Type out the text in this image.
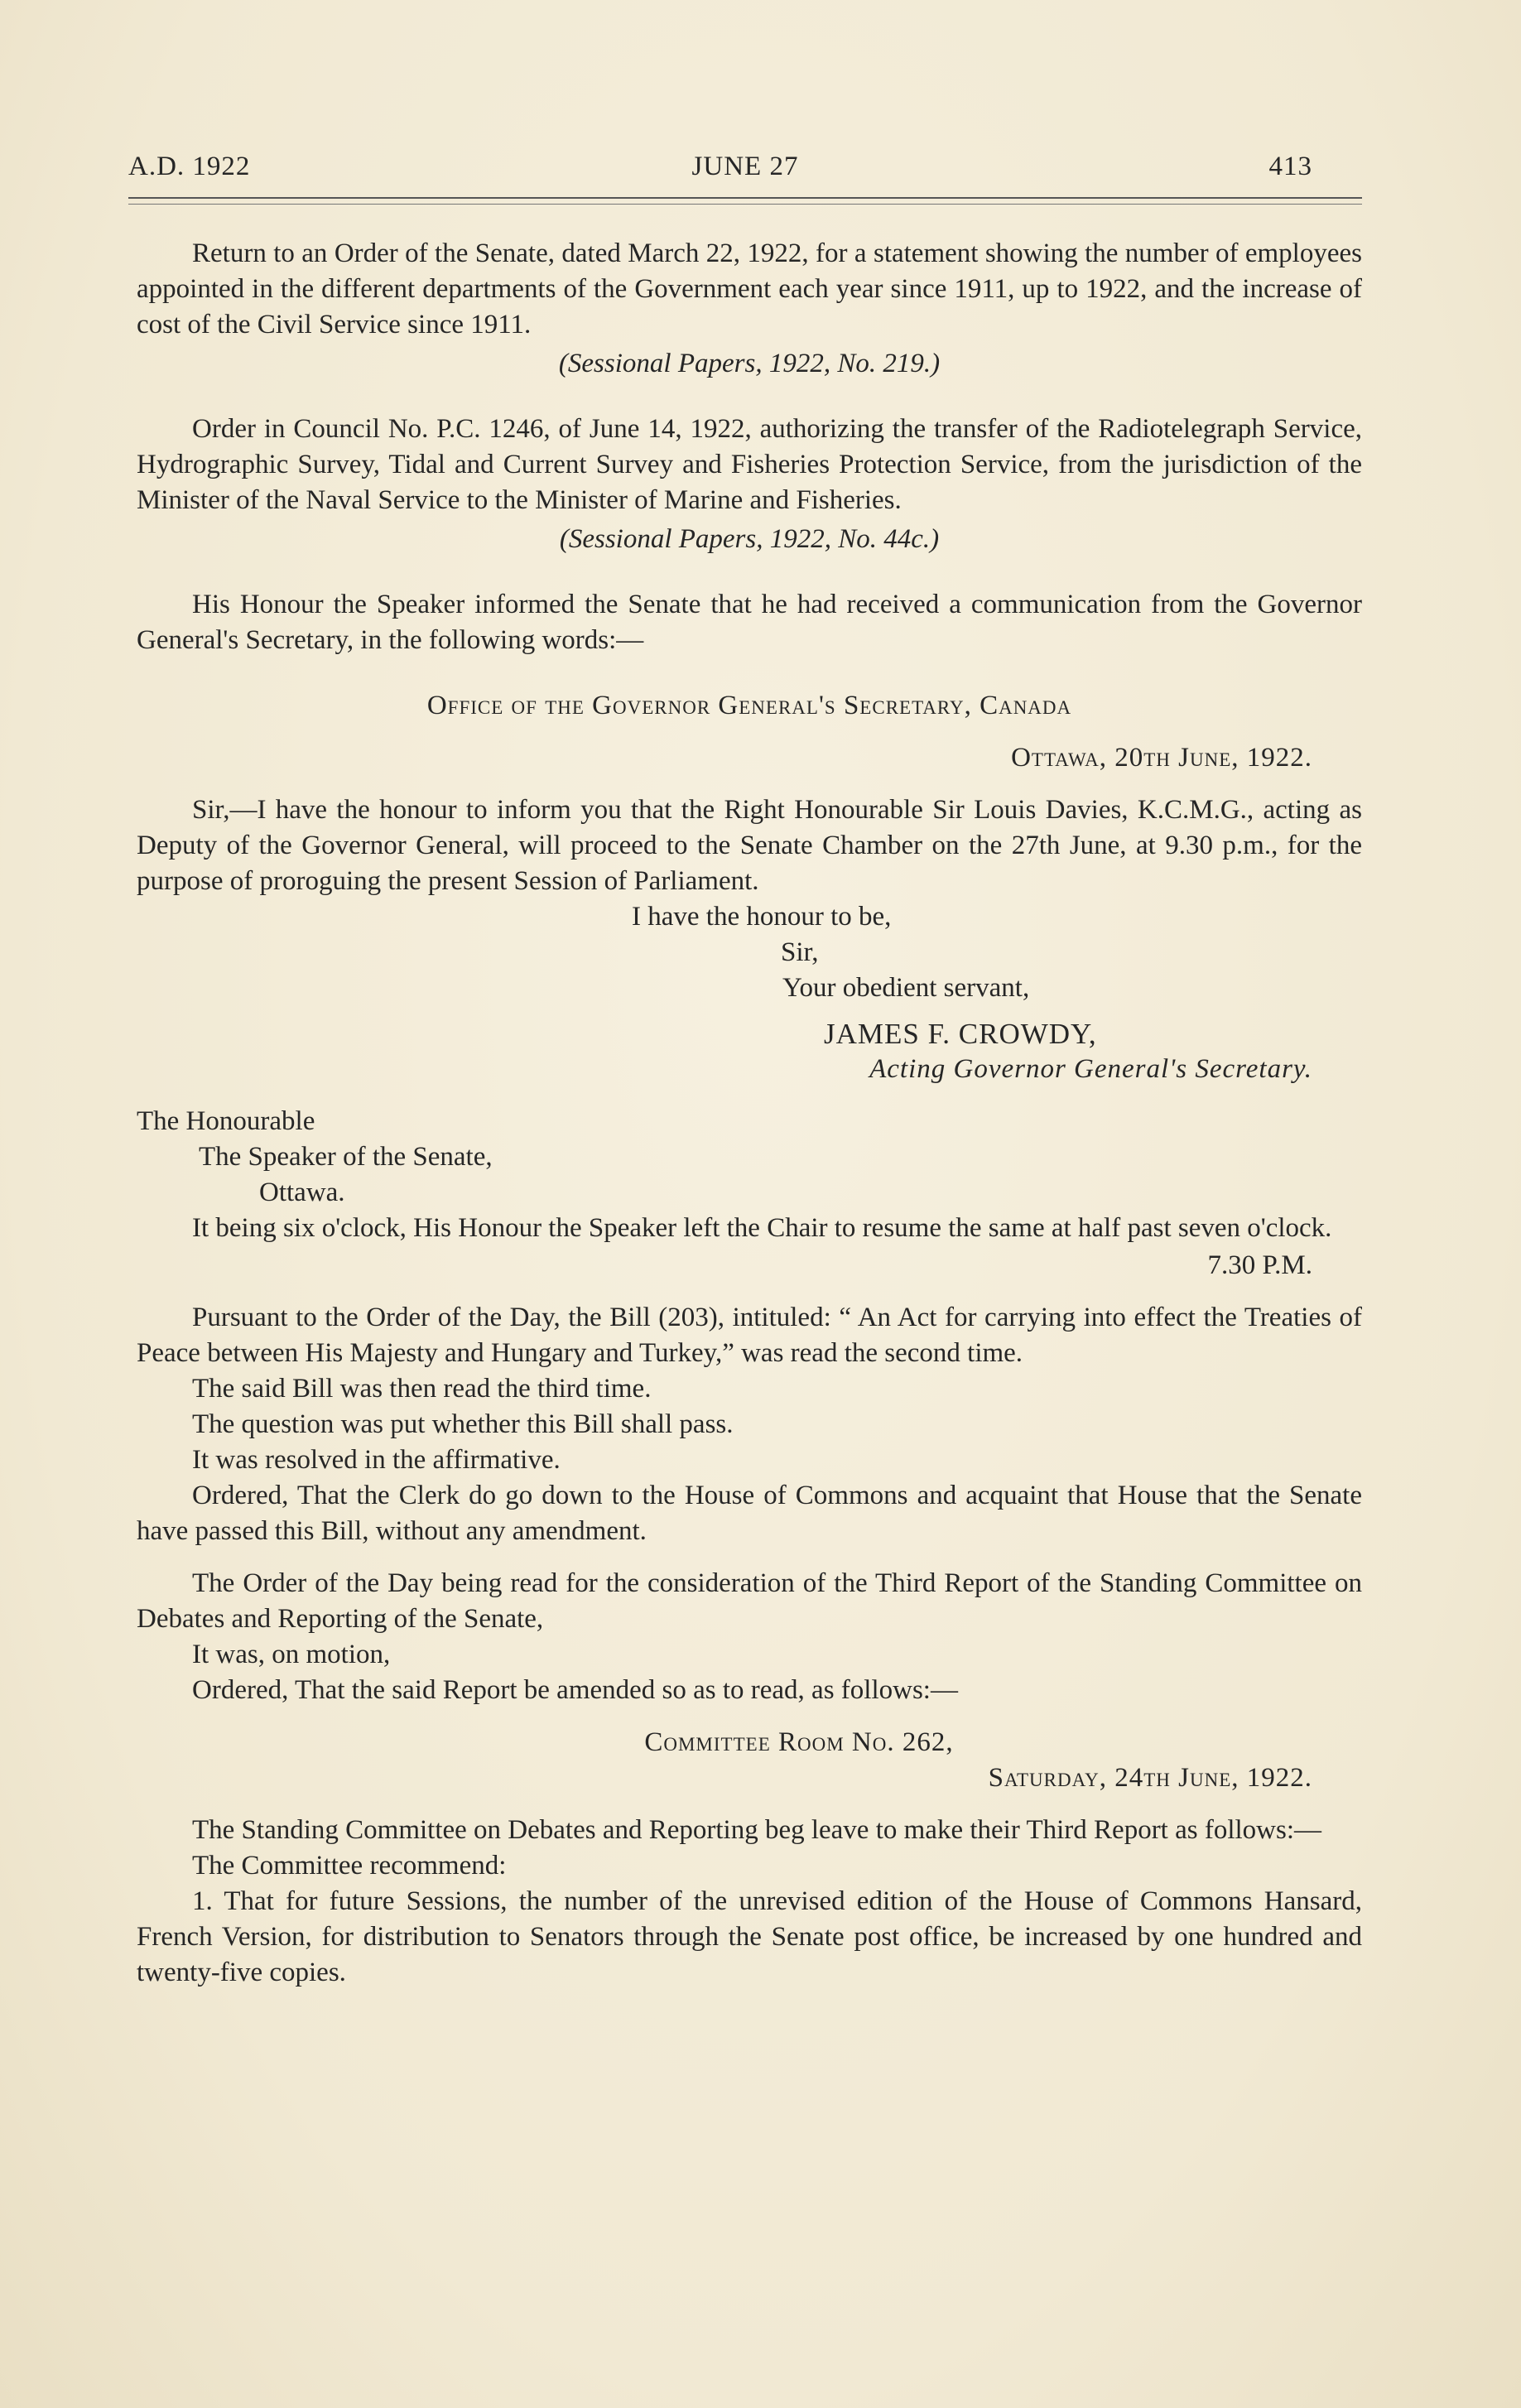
A.D. 1922	JUNE 27	413

Return to an Order of the Senate, dated March 22, 1922, for a statement showing the number of employees appointed in the different departments of the Government each year since 1911, up to 1922, and the increase of cost of the Civil Service since 1911.

(Sessional Papers, 1922, No. 219.)

Order in Council No. P.C. 1246, of June 14, 1922, authorizing the transfer of the Radiotelegraph Service, Hydrographic Survey, Tidal and Current Survey and Fisheries Protection Service, from the jurisdiction of the Minister of the Naval Service to the Minister of Marine and Fisheries.

(Sessional Papers, 1922, No. 44c.)

His Honour the Speaker informed the Senate that he had received a communication from the Governor General's Secretary, in the following words:—

Office of the Governor General's Secretary, Canada

Ottawa, 20th June, 1922.

Sir,—I have the honour to inform you that the Right Honourable Sir Louis Davies, K.C.M.G., acting as Deputy of the Governor General, will proceed to the Senate Chamber on the 27th June, at 9.30 p.m., for the purpose of proroguing the present Session of Parliament.

I have the honour to be,

Sir,

Your obedient servant,

JAMES F. CROWDY,

Acting Governor General's Secretary.

The Honourable

The Speaker of the Senate,

Ottawa.

It being six o'clock, His Honour the Speaker left the Chair to resume the same at half past seven o'clock.

7.30 P.M.

Pursuant to the Order of the Day, the Bill (203), intituled: “ An Act for carrying into effect the Treaties of Peace between His Majesty and Hungary and Turkey,” was read the second time.

The said Bill was then read the third time.

The question was put whether this Bill shall pass.

It was resolved in the affirmative.

Ordered, That the Clerk do go down to the House of Commons and acquaint that House that the Senate have passed this Bill, without any amendment.

The Order of the Day being read for the consideration of the Third Report of the Standing Committee on Debates and Reporting of the Senate,

It was, on motion,

Ordered, That the said Report be amended so as to read, as follows:—

Committee Room No. 262,

Saturday, 24th June, 1922.

The Standing Committee on Debates and Reporting beg leave to make their Third Report as follows:—

The Committee recommend:

1. That for future Sessions, the number of the unrevised edition of the House of Commons Hansard, French Version, for distribution to Senators through the Senate post office, be increased by one hundred and twenty-five copies.
